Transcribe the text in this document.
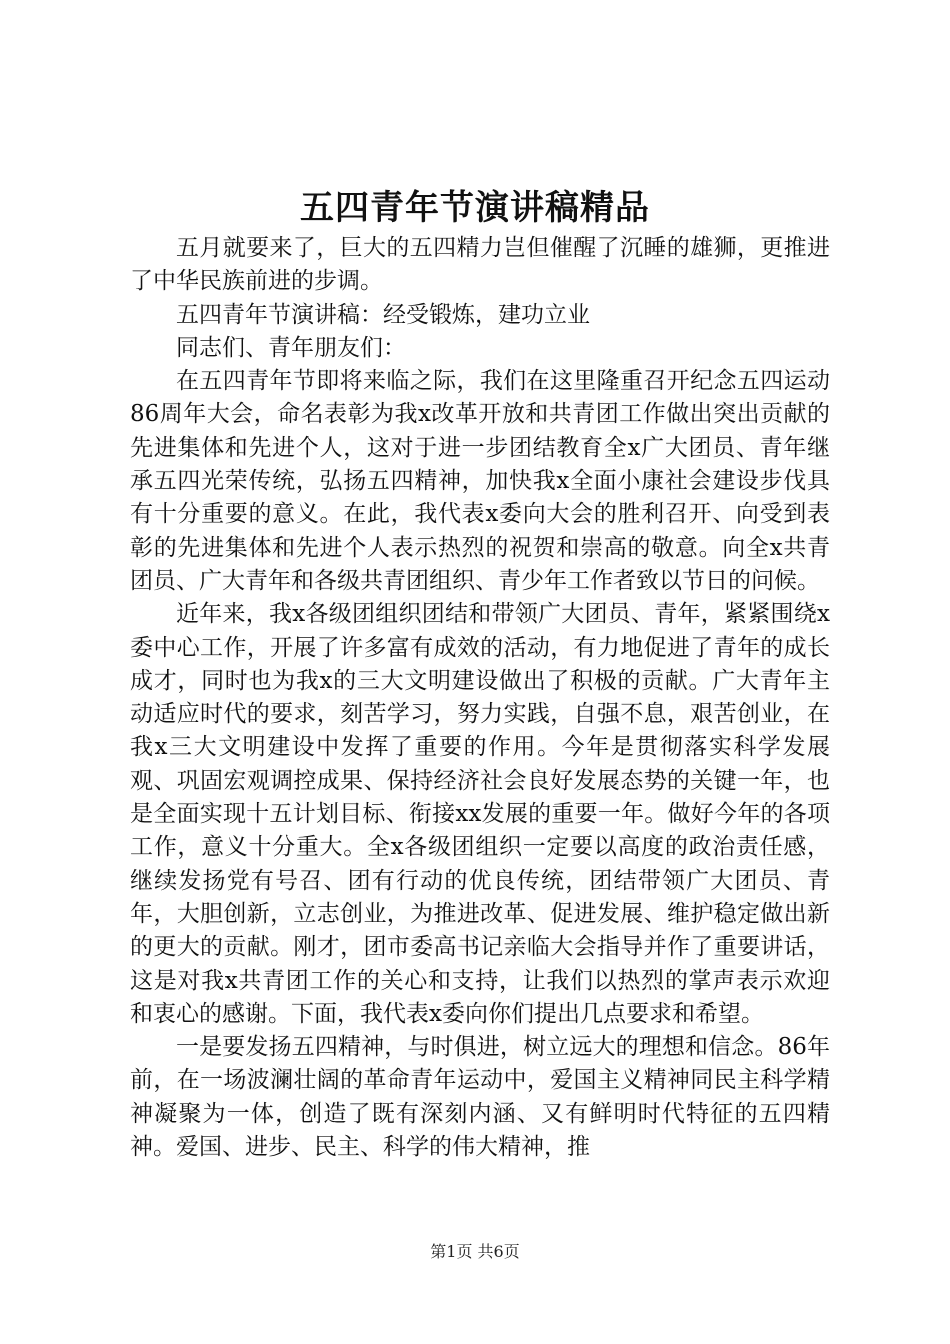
五四青年节演讲稿精品

五月就要来了，巨大的五四精力岂但催醒了沉睡的雄狮，更推进了中华民族前进的步调。

五四青年节演讲稿：经受锻炼，建功立业

同志们、青年朋友们：

在五四青年节即将来临之际，我们在这里隆重召开纪念五四运动86周年大会，命名表彰为我x改革开放和共青团工作做出突出贡献的先进集体和先进个人，这对于进一步团结教育全x广大团员、青年继承五四光荣传统，弘扬五四精神，加快我x全面小康社会建设步伐具有十分重要的意义。在此，我代表x委向大会的胜利召开、向受到表彰的先进集体和先进个人表示热烈的祝贺和崇高的敬意。向全x共青团员、广大青年和各级共青团组织、青少年工作者致以节日的问候。

近年来，我x各级团组织团结和带领广大团员、青年，紧紧围绕x委中心工作，开展了许多富有成效的活动，有力地促进了青年的成长成才，同时也为我x的三大文明建设做出了积极的贡献。广大青年主动适应时代的要求，刻苦学习，努力实践，自强不息，艰苦创业，在我x三大文明建设中发挥了重要的作用。今年是贯彻落实科学发展观、巩固宏观调控成果、保持经济社会良好发展态势的关键一年，也是全面实现十五计划目标、衔接xx发展的重要一年。做好今年的各项工作，意义十分重大。全x各级团组织一定要以高度的政治责任感，继续发扬党有号召、团有行动的优良传统，团结带领广大团员、青年，大胆创新，立志创业，为推进改革、促进发展、维护稳定做出新的更大的贡献。刚才，团市委高书记亲临大会指导并作了重要讲话，这是对我x共青团工作的关心和支持，让我们以热烈的掌声表示欢迎和衷心的感谢。下面，我代表x委向你们提出几点要求和希望。

一是要发扬五四精神，与时俱进，树立远大的理想和信念。86年前，在一场波澜壮阔的革命青年运动中，爱国主义精神同民主科学精神凝聚为一体，创造了既有深刻内涵、又有鲜明时代特征的五四精神。爱国、进步、民主、科学的伟大精神，推

第1页 共6页
